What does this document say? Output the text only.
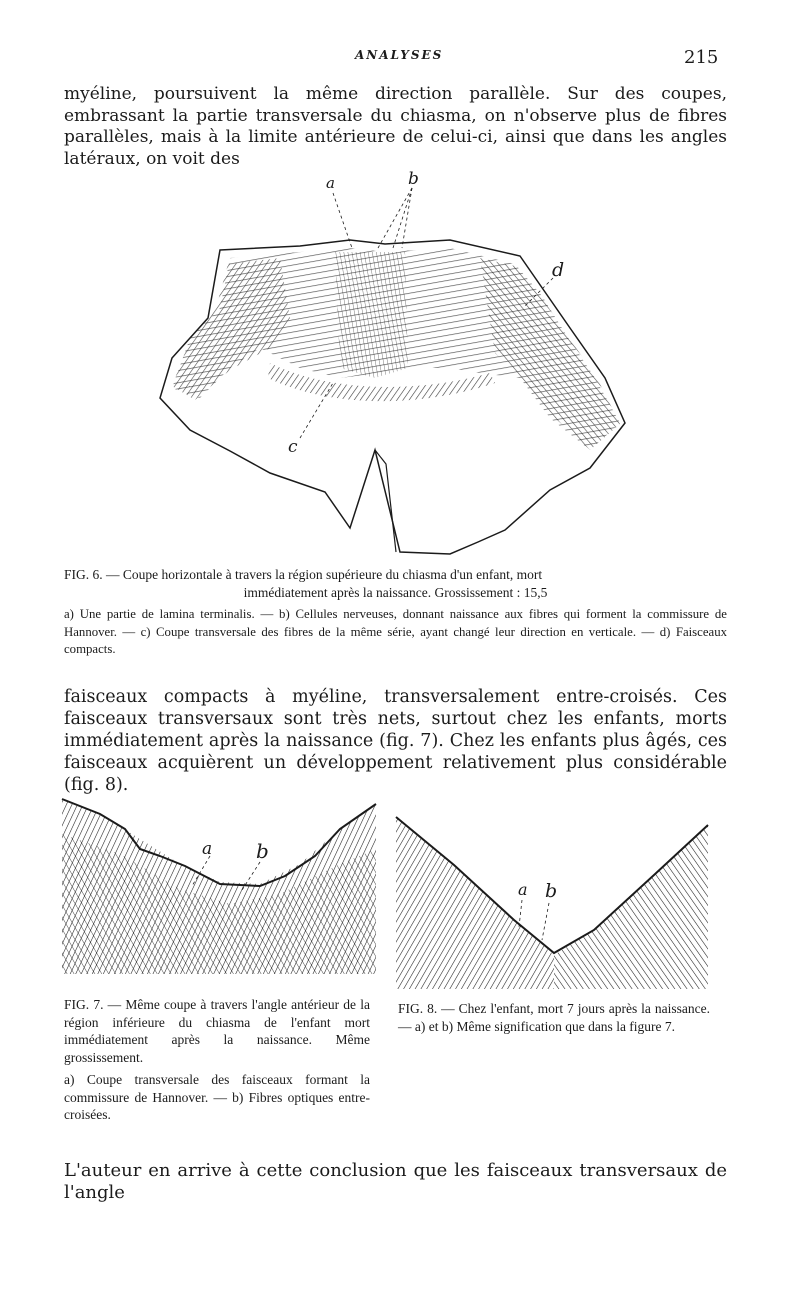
ANALYSES	215

myéline, poursuivent la même direction parallèle. Sur des coupes, embrassant la partie transversale du chiasma, on n'observe plus de fibres parallèles, mais à la limite antérieure de celui-ci, ainsi que dans les angles latéraux, on voit des

a	b
d
c
FIG. 6. — Coupe horizontale à travers la région supérieure du chiasma d'un enfant, mort
immédiatement après la naissance. Grossissement : 15,5
a) Une partie de lamina terminalis. — b) Cellules nerveuses, donnant naissance aux fibres qui forment la commissure de Hannover. — c) Coupe transversale des fibres de la même série, ayant changé leur direction en verticale. — d) Faisceaux compacts.

faisceaux compacts à myéline, transversalement entre-croisés. Ces faisceaux transversaux sont très nets, surtout chez les enfants, morts immédiatement après la naissance (fig. 7). Chez les enfants plus âgés, ces faisceaux acquièrent un développement relativement plus considérable (fig. 8).

a b
FIG. 7. — Même coupe à travers l'angle antérieur de la région inférieure du chiasma de l'enfant mort immédiatement après la naissance. Même grossissement.
a) Coupe transversale des faisceaux formant la commissure de Hannover. — b) Fibres optiques entre-croisées.
a b
FIG. 8. — Chez l'enfant, mort 7 jours après la naissance. — a) et b) Même signification que dans la figure 7.

L'auteur en arrive à cette conclusion que les faisceaux transversaux de l'angle
